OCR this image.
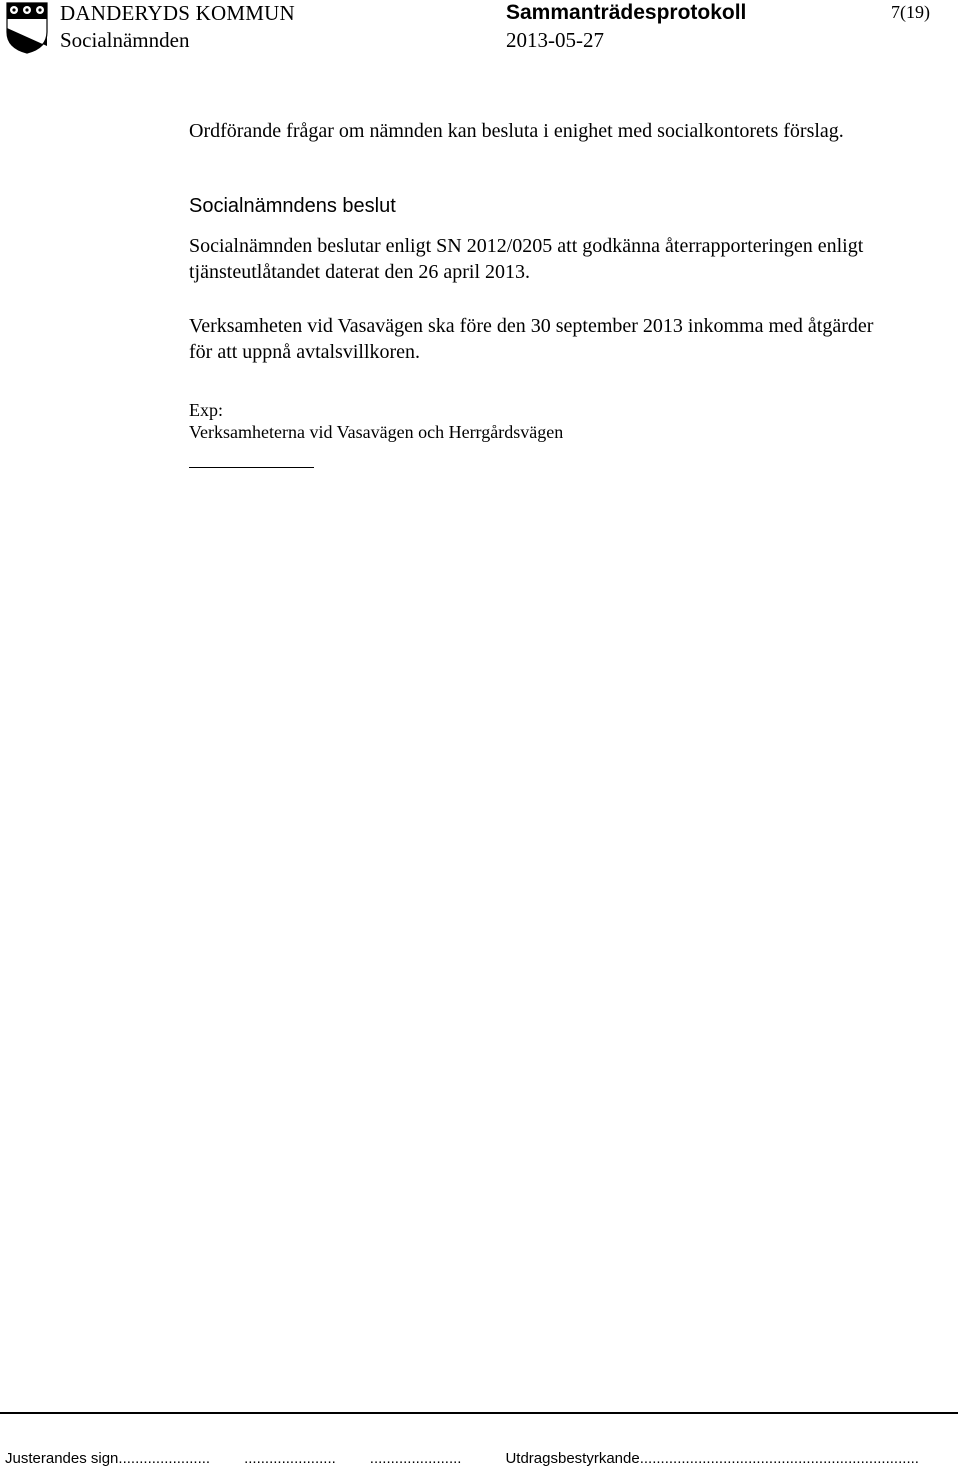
DANDERYDS KOMMUN
Socialnämnden
Sammanträdesprotokoll
2013-05-27
7(19)

Ordförande frågar om nämnden kan besluta i enighet med socialkontorets förslag.

Socialnämndens beslut

Socialnämnden beslutar enligt SN 2012/0205 att godkänna återrapporteringen enligt tjänsteutlåtandet daterat den 26 april 2013.

Verksamheten vid Vasavägen ska före den 30 september 2013 inkomma med åtgärder för att uppnå avtalsvillkoren.

Exp:

Verksamheterna vid Vasavägen och Herrgårdsvägen

Justerandes sign...................... ...................... ......................	Utdragsbestyrkande...................................................................
